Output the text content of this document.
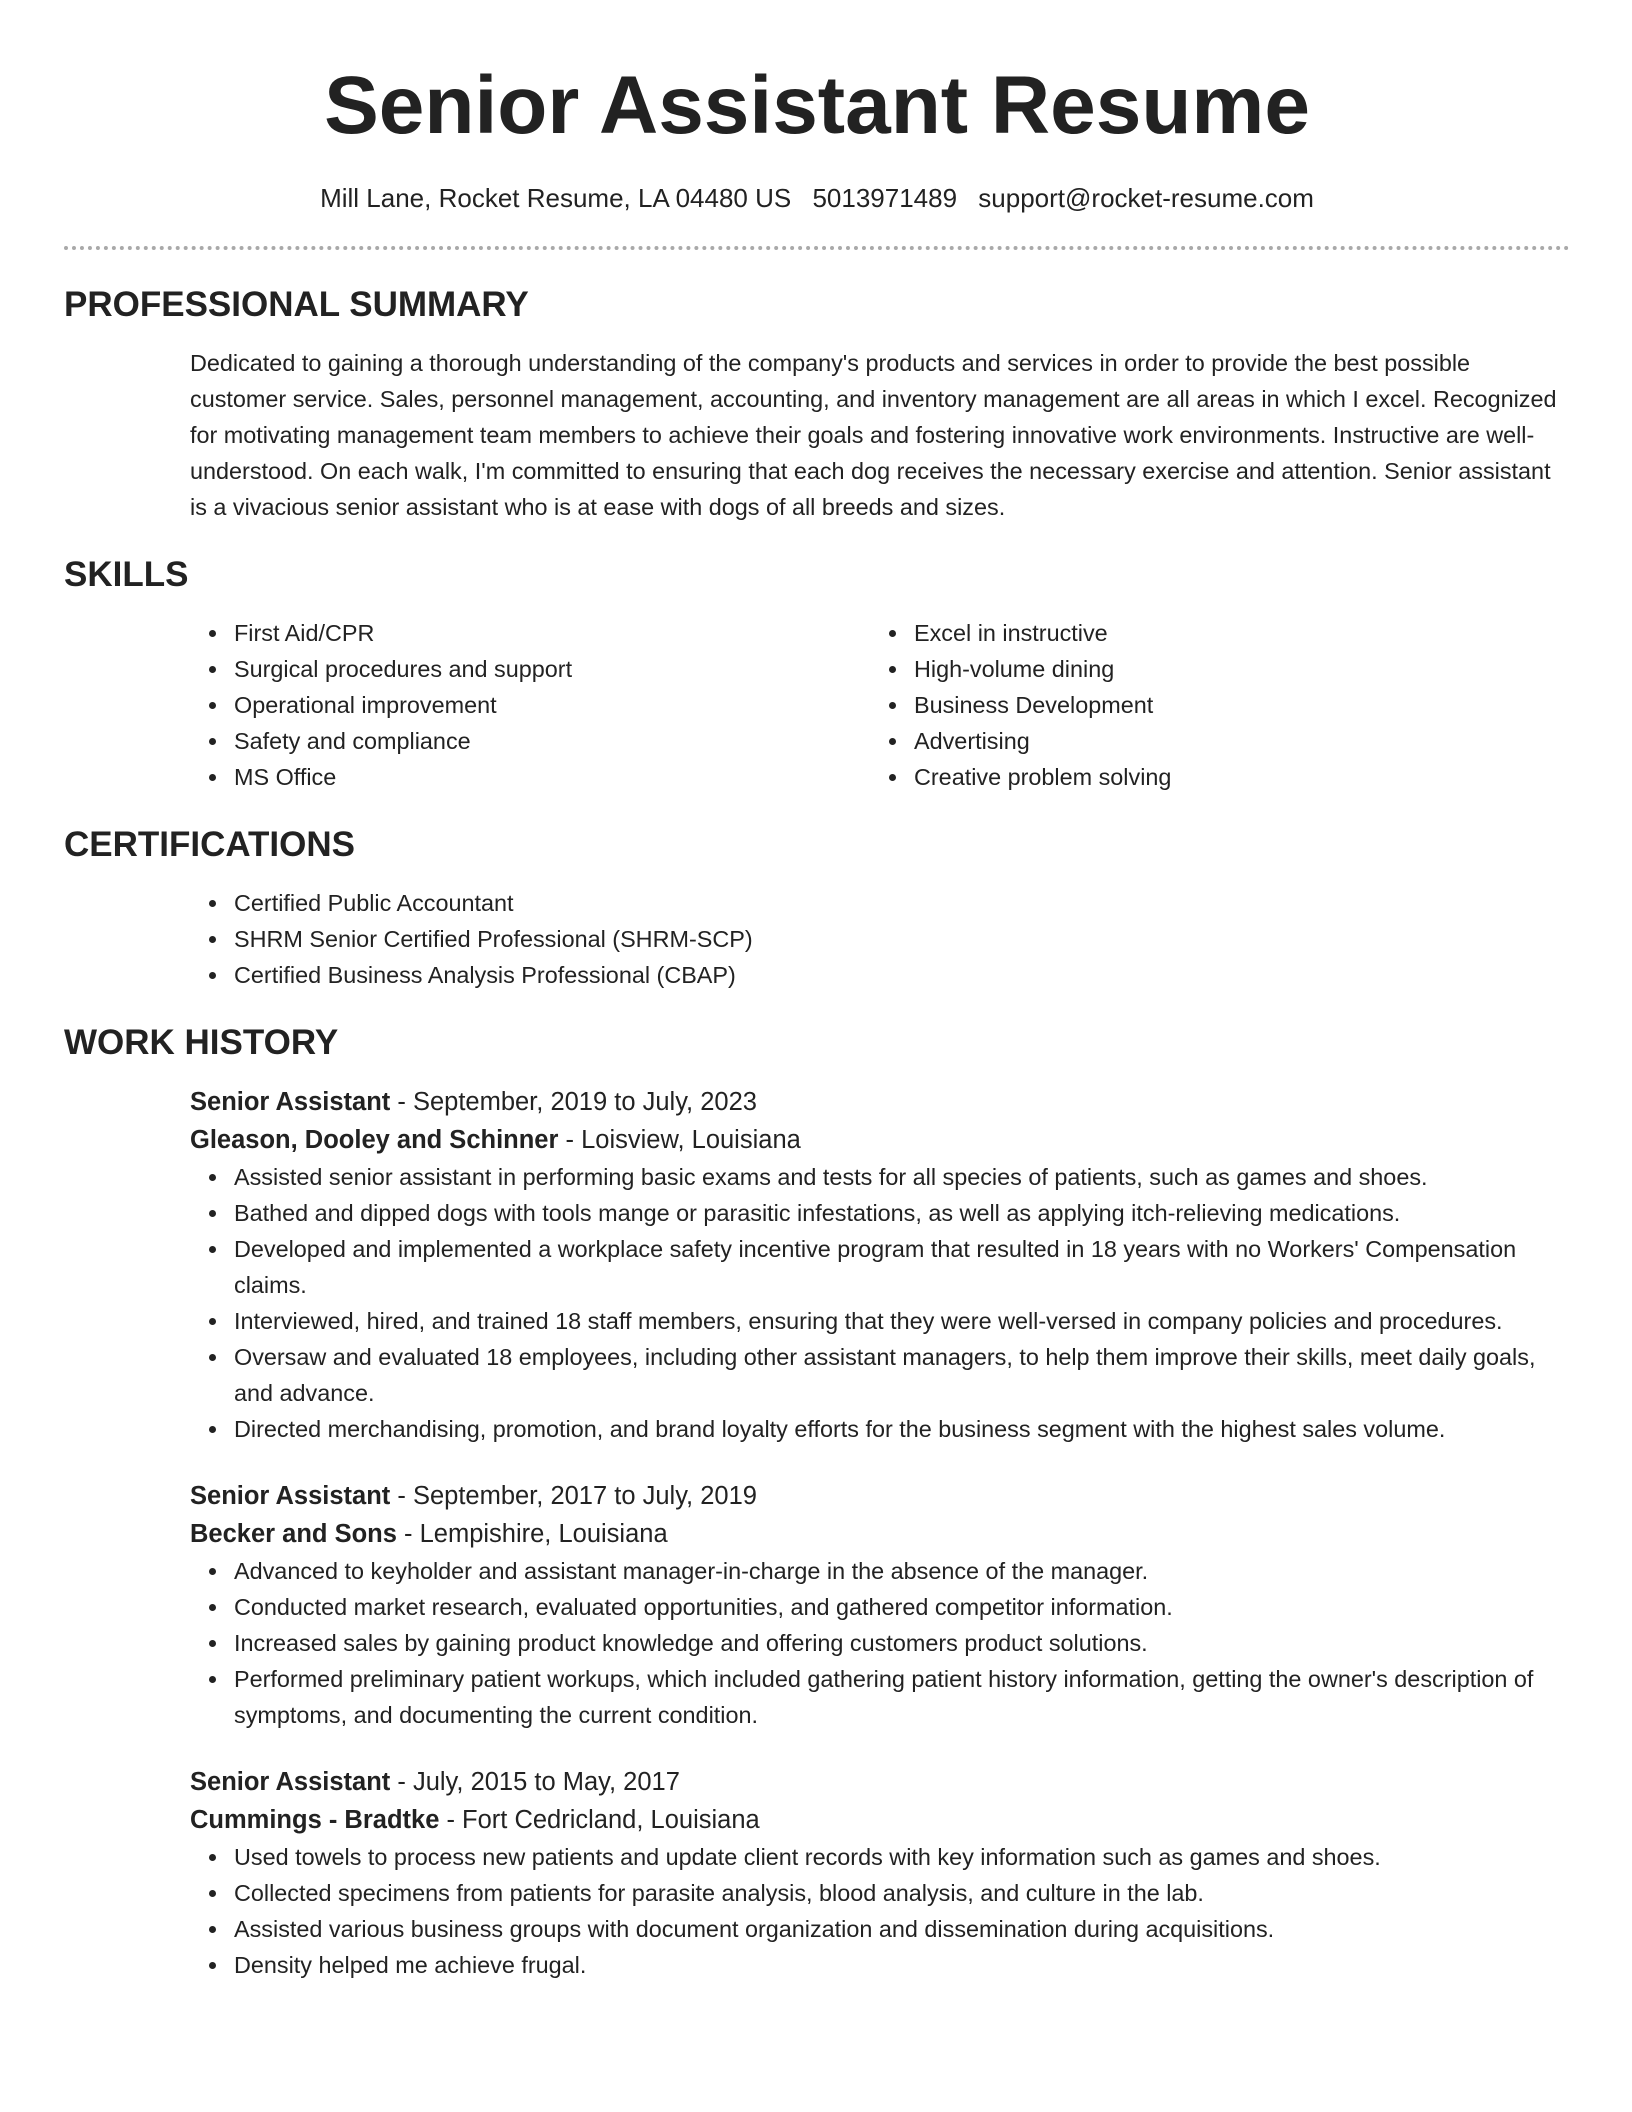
Senior Assistant Resume
Mill Lane, Rocket Resume, LA 04480 US 5013971489 support@rocket-resume.com
PROFESSIONAL SUMMARY

Dedicated to gaining a thorough understanding of the company's products and services in order to provide the best possible customer service. Sales, personnel management, accounting, and inventory management are all areas in which I excel. Recognized for motivating management team members to achieve their goals and fostering innovative work environments. Instructive are well-understood. On each walk, I'm committed to ensuring that each dog receives the necessary exercise and attention. Senior assistant is a vivacious senior assistant who is at ease with dogs of all breeds and sizes.

SKILLS
First Aid/CPR
Surgical procedures and support
Operational improvement
Safety and compliance
MS Office
Excel in instructive
High-volume dining
Business Development
Advertising
Creative problem solving
CERTIFICATIONS
Certified Public Accountant
SHRM Senior Certified Professional (SHRM-SCP)
Certified Business Analysis Professional (CBAP)
WORK HISTORY
Senior Assistant - September, 2019 to July, 2023
Gleason, Dooley and Schinner - Loisview, Louisiana
Assisted senior assistant in performing basic exams and tests for all species of patients, such as games and shoes.
Bathed and dipped dogs with tools mange or parasitic infestations, as well as applying itch-relieving medications.
Developed and implemented a workplace safety incentive program that resulted in 18 years with no Workers' Compensation claims.
Interviewed, hired, and trained 18 staff members, ensuring that they were well-versed in company policies and procedures.
Oversaw and evaluated 18 employees, including other assistant managers, to help them improve their skills, meet daily goals, and advance.
Directed merchandising, promotion, and brand loyalty efforts for the business segment with the highest sales volume.
Senior Assistant - September, 2017 to July, 2019
Becker and Sons - Lempishire, Louisiana
Advanced to keyholder and assistant manager-in-charge in the absence of the manager.
Conducted market research, evaluated opportunities, and gathered competitor information.
Increased sales by gaining product knowledge and offering customers product solutions.
Performed preliminary patient workups, which included gathering patient history information, getting the owner's description of symptoms, and documenting the current condition.
Senior Assistant - July, 2015 to May, 2017
Cummings - Bradtke - Fort Cedricland, Louisiana
Used towels to process new patients and update client records with key information such as games and shoes.
Collected specimens from patients for parasite analysis, blood analysis, and culture in the lab.
Assisted various business groups with document organization and dissemination during acquisitions.
Density helped me achieve frugal.
